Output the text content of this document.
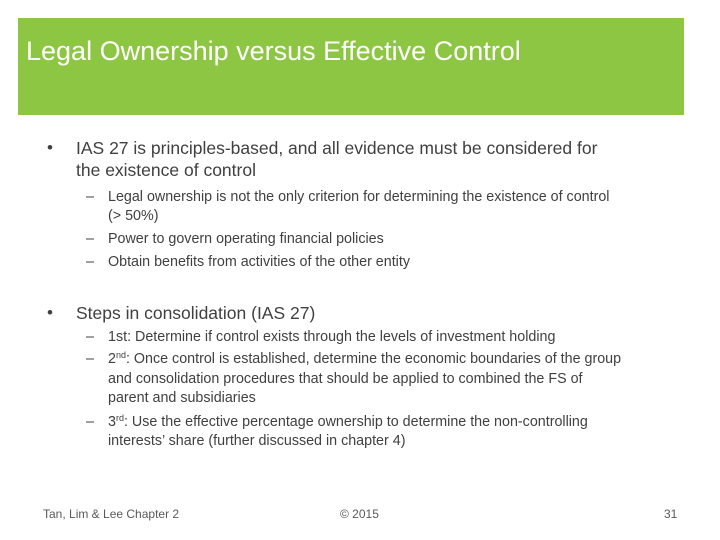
Legal Ownership versus Effective Control
• IAS 27 is principles-based, and all evidence must be considered for
the existence of control
– Legal ownership is not the only criterion for determining the existence of control
(> 50%)
– Power to govern operating financial policies
– Obtain benefits from activities of the other entity
• Steps in consolidation (IAS 27)
– 1st: Determine if control exists through the levels of investment holding
– 2nd: Once control is established, determine the economic boundaries of the group
and consolidation procedures that should be applied to combined the FS of
parent and subsidiaries
– 3rd: Use the effective percentage ownership to determine the non-controlling
interests’ share (further discussed in chapter 4)
Tan, Lim & Lee Chapter 2	© 2015	31
